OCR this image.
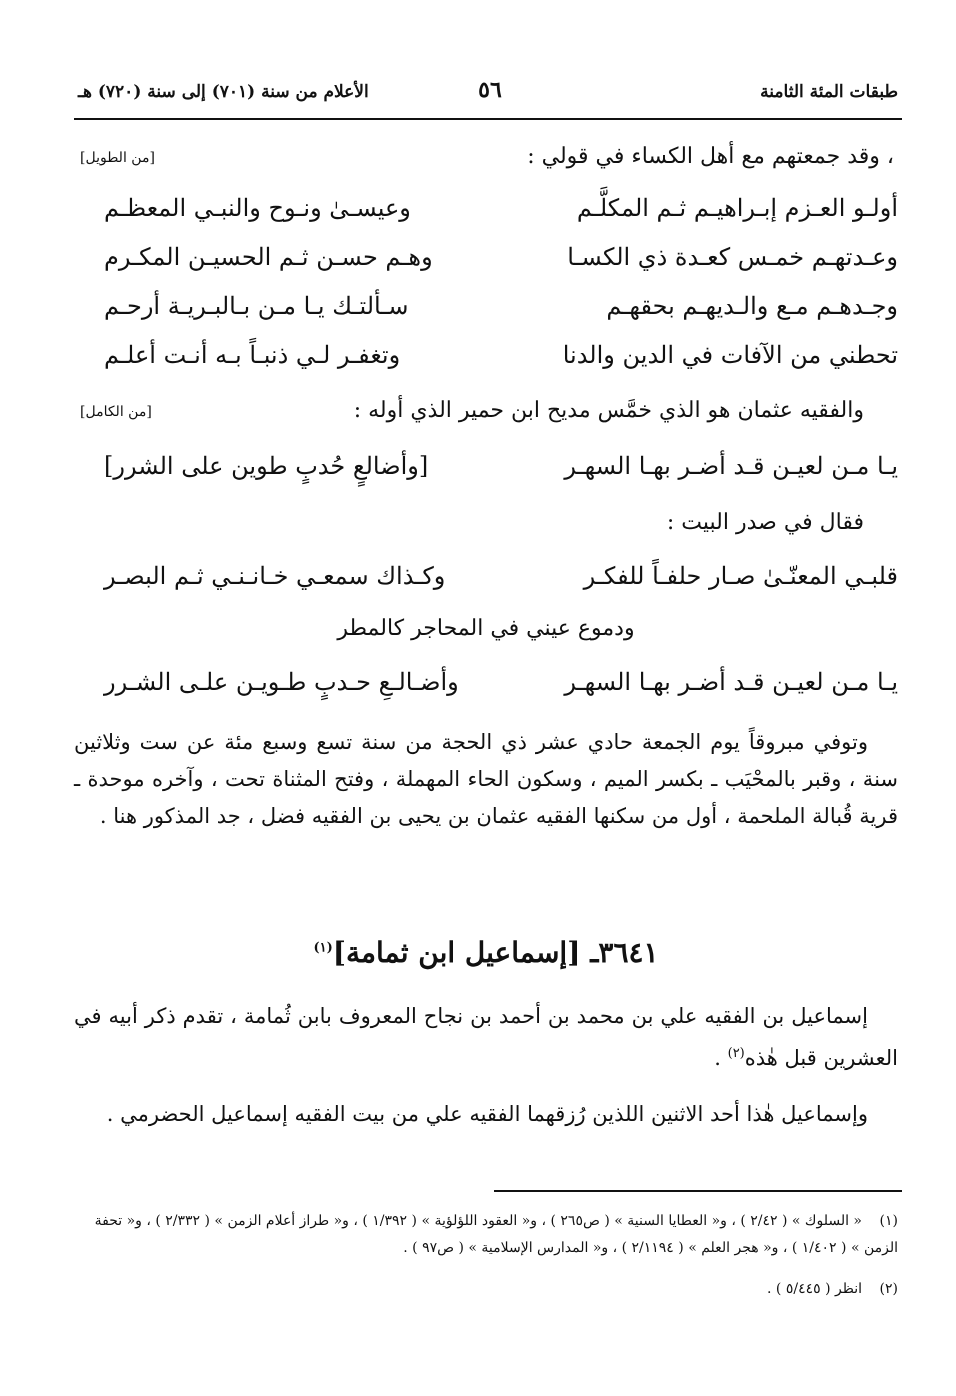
طبقات المئة الثامنة
٥٦
الأعلام من سنة (٧٠١) إلى سنة (٧٢٠) هـ
، وقد جمعتهم مع أهل الكساء في قولي :
[من الطويل]
أولـو العـزم إبـراهيـم ثـم المكلَّـم
وعيسـىٰ ونـوح والنبـي المعظـم
وعـدتهـم خمـس كعـدة ذي الكسـا
وهـم حسـن ثـم الحسيـن المكـرم
وجـدهـم مـع والـديهـم بحقهـم
سـألتـك يـا مـن بـالبـريـة أرحـم
تحطني من الآفات في الدين والدنا
وتغفـر لـي ذنبـاً بـه أنـت أعلـم
والفقيه عثمان هو الذي خمَّس مديح ابن حمير الذي أوله :
[من الكامل]
يـا مـن لعيـن قـد أضـر بهـا السهـر
[وأضالعٍ حُدبٍ طوين على الشرر]
فقال في صدر البيت :
قلبـي المعنّـىٰ صـار حلفـاً للفكـر
وكـذاك سمعـي خـانـنـي ثـم البصـر
ودموع عيني في المحاجر كالمطر
يـا مـن لعيـن قـد أضـر بهـا السهـر
وأضـالـعِ حـدبٍ طـويـن علـى الشـرر
وتوفي مبروقاً يوم الجمعة حادي عشر ذي الحجة من سنة تسع وسبع مئة عن ست وثلاثين سنة ، وقبر بالمحْيَب ـ بكسر الميم ، وسكون الحاء المهملة ، وفتح المثناة تحت ، وآخره موحدة ـ قرية قُبالة الملحمة ، أول من سكنها الفقيه عثمان بن يحيى بن الفقيه فضل ، جد المذكور هنا .
٣٦٤١ـ [إسماعيل ابن ثمامة]$^{(١)}$
إسماعيل بن الفقيه علي بن محمد بن أحمد بن نجاح المعروف بابن ثُمامة ، تقدم ذكر أبيه في العشرين قبل هٰذه$^{(٢)}$ .
وإسماعيل هٰذا أحد الاثنين اللذين رُزقهما الفقيه علي من بيت الفقيه إسماعيل الحضرمي .
(١)« السلوك » ( ٢/٤٢ ) ، و« العطايا السنية » ( ص٢٦٥ ) ، و« العقود اللؤلؤية » ( ١/٣٩٢ ) ، و« طراز أعلام الزمن » ( ٢/٣٣٢ ) ، و« تحفة الزمن » ( ١/٤٠٢ ) ، و« هجر العلم » ( ٢/١١٩٤ ) ، و« المدارس الإسلامية » ( ص٩٧ ) .
(٢)انظر ( ٥/٤٤٥ ) .
